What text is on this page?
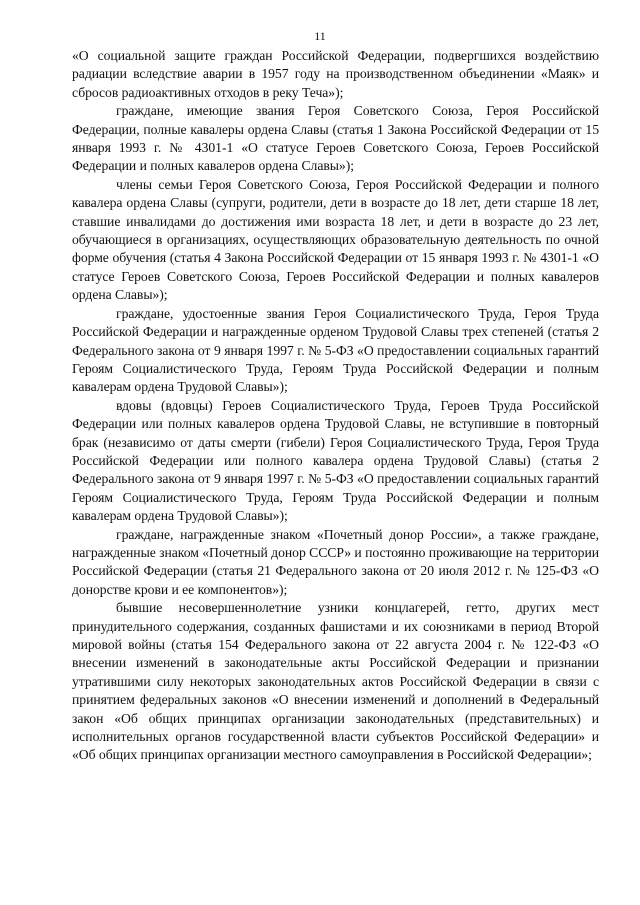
11

«О социальной защите граждан Российской Федерации, подвергшихся воздействию радиации вследствие аварии в 1957 году на производственном объединении «Маяк» и сбросов радиоактивных отходов в реку Теча»);

граждане, имеющие звания Героя Советского Союза, Героя Российской Федерации, полные кавалеры ордена Славы (статья 1 Закона Российской Федерации от 15 января 1993 г. № 4301-1 «О статусе Героев Советского Союза, Героев Российской Федерации и полных кавалеров ордена Славы»);

члены семьи Героя Советского Союза, Героя Российской Федерации и полного кавалера ордена Славы (супруги, родители, дети в возрасте до 18 лет, дети старше 18 лет, ставшие инвалидами до достижения ими возраста 18 лет, и дети в возрасте до 23 лет, обучающиеся в организациях, осуществляющих образовательную деятельность по очной форме обучения (статья 4 Закона Российской Федерации от 15 января 1993 г. № 4301-1 «О статусе Героев Советского Союза, Героев Российской Федерации и полных кавалеров ордена Славы»);

граждане, удостоенные звания Героя Социалистического Труда, Героя Труда Российской Федерации и награжденные орденом Трудовой Славы трех степеней (статья 2 Федерального закона от 9 января 1997 г. № 5-ФЗ «О предоставлении социальных гарантий Героям Социалистического Труда, Героям Труда Российской Федерации и полным кавалерам ордена Трудовой Славы»);

вдовы (вдовцы) Героев Социалистического Труда, Героев Труда Российской Федерации или полных кавалеров ордена Трудовой Славы, не вступившие в повторный брак (независимо от даты смерти (гибели) Героя Социалистического Труда, Героя Труда Российской Федерации или полного кавалера ордена Трудовой Славы) (статья 2 Федерального закона от 9 января 1997 г. № 5-ФЗ «О предоставлении социальных гарантий Героям Социалистического Труда, Героям Труда Российской Федерации и полным кавалерам ордена Трудовой Славы»);

граждане, награжденные знаком «Почетный донор России», а также граждане, награжденные знаком «Почетный донор СССР» и постоянно проживающие на территории Российской Федерации (статья 21 Федерального закона от 20 июля 2012 г. № 125-ФЗ «О донорстве крови и ее компонентов»);

бывшие несовершеннолетние узники концлагерей, гетто, других мест принудительного содержания, созданных фашистами и их союзниками в период Второй мировой войны (статья 154 Федерального закона от 22 августа 2004 г. № 122-ФЗ «О внесении изменений в законодательные акты Российской Федерации и признании утратившими силу некоторых законодательных актов Российской Федерации в связи с принятием федеральных законов «О внесении изменений и дополнений в Федеральный закон «Об общих принципах организации законодательных (представительных) и исполнительных органов государственной власти субъектов Российской Федерации» и «Об общих принципах организации местного самоуправления в Российской Федерации»;
